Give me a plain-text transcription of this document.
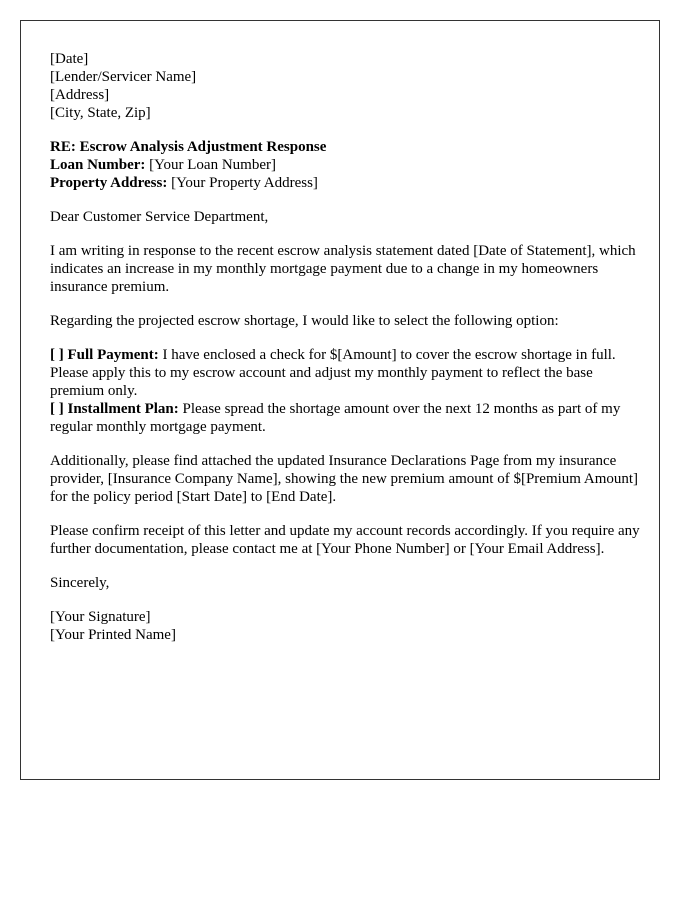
[Date]
[Lender/Servicer Name]
[Address]
[City, State, Zip]
RE: Escrow Analysis Adjustment Response
Loan Number: [Your Loan Number]
Property Address: [Your Property Address]

Dear Customer Service Department,

I am writing in response to the recent escrow analysis statement dated [Date of Statement], which indicates an increase in my monthly mortgage payment due to a change in my homeowners insurance premium.

Regarding the projected escrow shortage, I would like to select the following option:

[ ] Full Payment: I have enclosed a check for $[Amount] to cover the escrow shortage in full. Please apply this to my escrow account and adjust my monthly payment to reflect the base premium only.

[ ] Installment Plan: Please spread the shortage amount over the next 12 months as part of my regular monthly mortgage payment.

Additionally, please find attached the updated Insurance Declarations Page from my insurance provider, [Insurance Company Name], showing the new premium amount of $[Premium Amount] for the policy period [Start Date] to [End Date].

Please confirm receipt of this letter and update my account records accordingly. If you require any further documentation, please contact me at [Your Phone Number] or [Your Email Address].

Sincerely,

[Your Signature]
[Your Printed Name]
